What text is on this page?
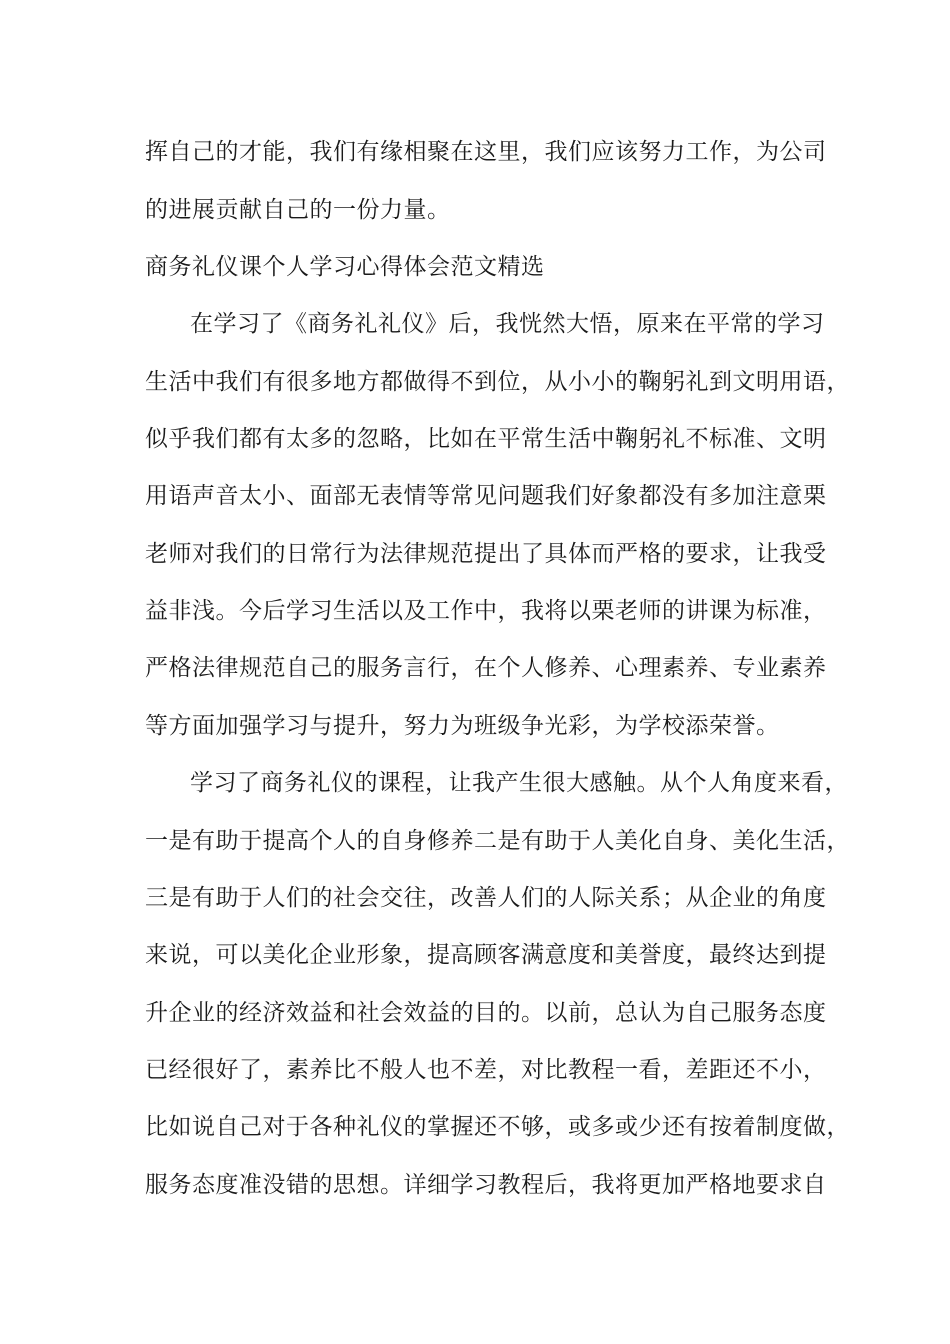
挥自己的才能，我们有缘相聚在这里，我们应该努力工作，为公司
的进展贡献自己的一份力量。
商务礼仪课个人学习心得体会范文精选
在学习了《商务礼礼仪》后，我恍然大悟，原来在平常的学习
生活中我们有很多地方都做得不到位，从小小的鞠躬礼到文明用语，
似乎我们都有太多的忽略，比如在平常生活中鞠躬礼不标准、文明
用语声音太小、面部无表情等常见问题我们好象都没有多加注意栗
老师对我们的日常行为法律规范提出了具体而严格的要求，让我受
益非浅。今后学习生活以及工作中，我将以栗老师的讲课为标准，
严格法律规范自己的服务言行，在个人修养、心理素养、专业素养
等方面加强学习与提升，努力为班级争光彩，为学校添荣誉。
学习了商务礼仪的课程，让我产生很大感触。从个人角度来看，
一是有助于提高个人的自身修养二是有助于人美化自身、美化生活，
三是有助于人们的社会交往，改善人们的人际关系；从企业的角度
来说，可以美化企业形象，提高顾客满意度和美誉度，最终达到提
升企业的经济效益和社会效益的目的。以前，总认为自己服务态度
已经很好了，素养比不般人也不差，对比教程一看，差距还不小，
比如说自己对于各种礼仪的掌握还不够，或多或少还有按着制度做，
服务态度准没错的思想。详细学习教程后，我将更加严格地要求自
